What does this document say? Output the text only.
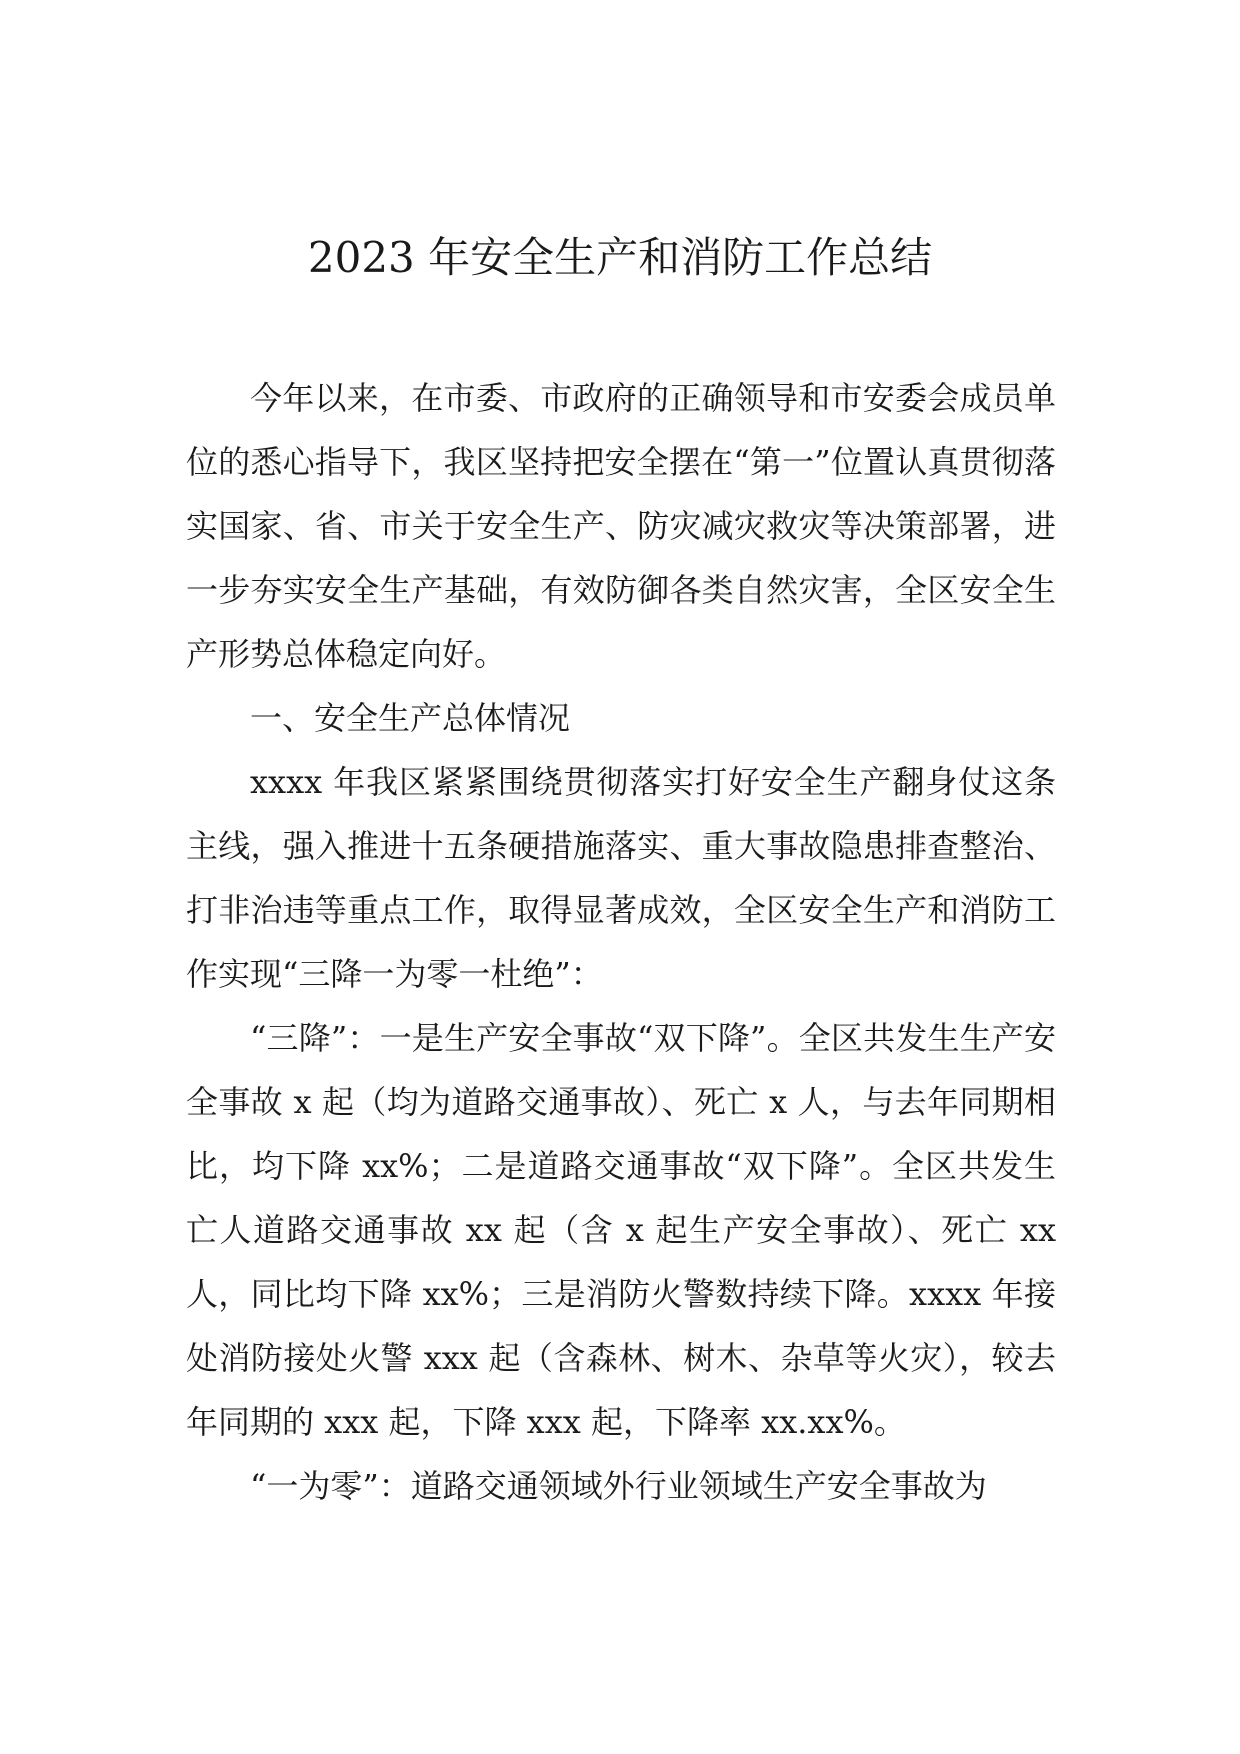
2023 年安全生产和消防工作总结

今年以来，在市委、市政府的正确领导和市安委会成员单位的悉心指导下，我区坚持把安全摆在“第一”位置认真贯彻落实国家、省、市关于安全生产、防灾减灾救灾等决策部署，进一步夯实安全生产基础，有效防御各类自然灾害，全区安全生产形势总体稳定向好。

一、安全生产总体情况

xxxx 年我区紧紧围绕贯彻落实打好安全生产翻身仗这条主线，强入推进十五条硬措施落实、重大事故隐患排查整治、打非治违等重点工作，取得显著成效，全区安全生产和消防工作实现“三降一为零一杜绝”：

“三降”：一是生产安全事故“双下降”。全区共发生生产安全事故 x 起（均为道路交通事故）、死亡 x 人，与去年同期相比，均下降 xx%；二是道路交通事故“双下降”。全区共发生亡人道路交通事故 xx 起（含 x 起生产安全事故）、死亡 xx 人，同比均下降 xx%；三是消防火警数持续下降。xxxx 年接处消防接处火警 xxx 起（含森林、树木、杂草等火灾），较去年同期的 xxx 起，下降 xxx 起，下降率 xx.xx%。

“一为零”：道路交通领域外行业领域生产安全事故为
